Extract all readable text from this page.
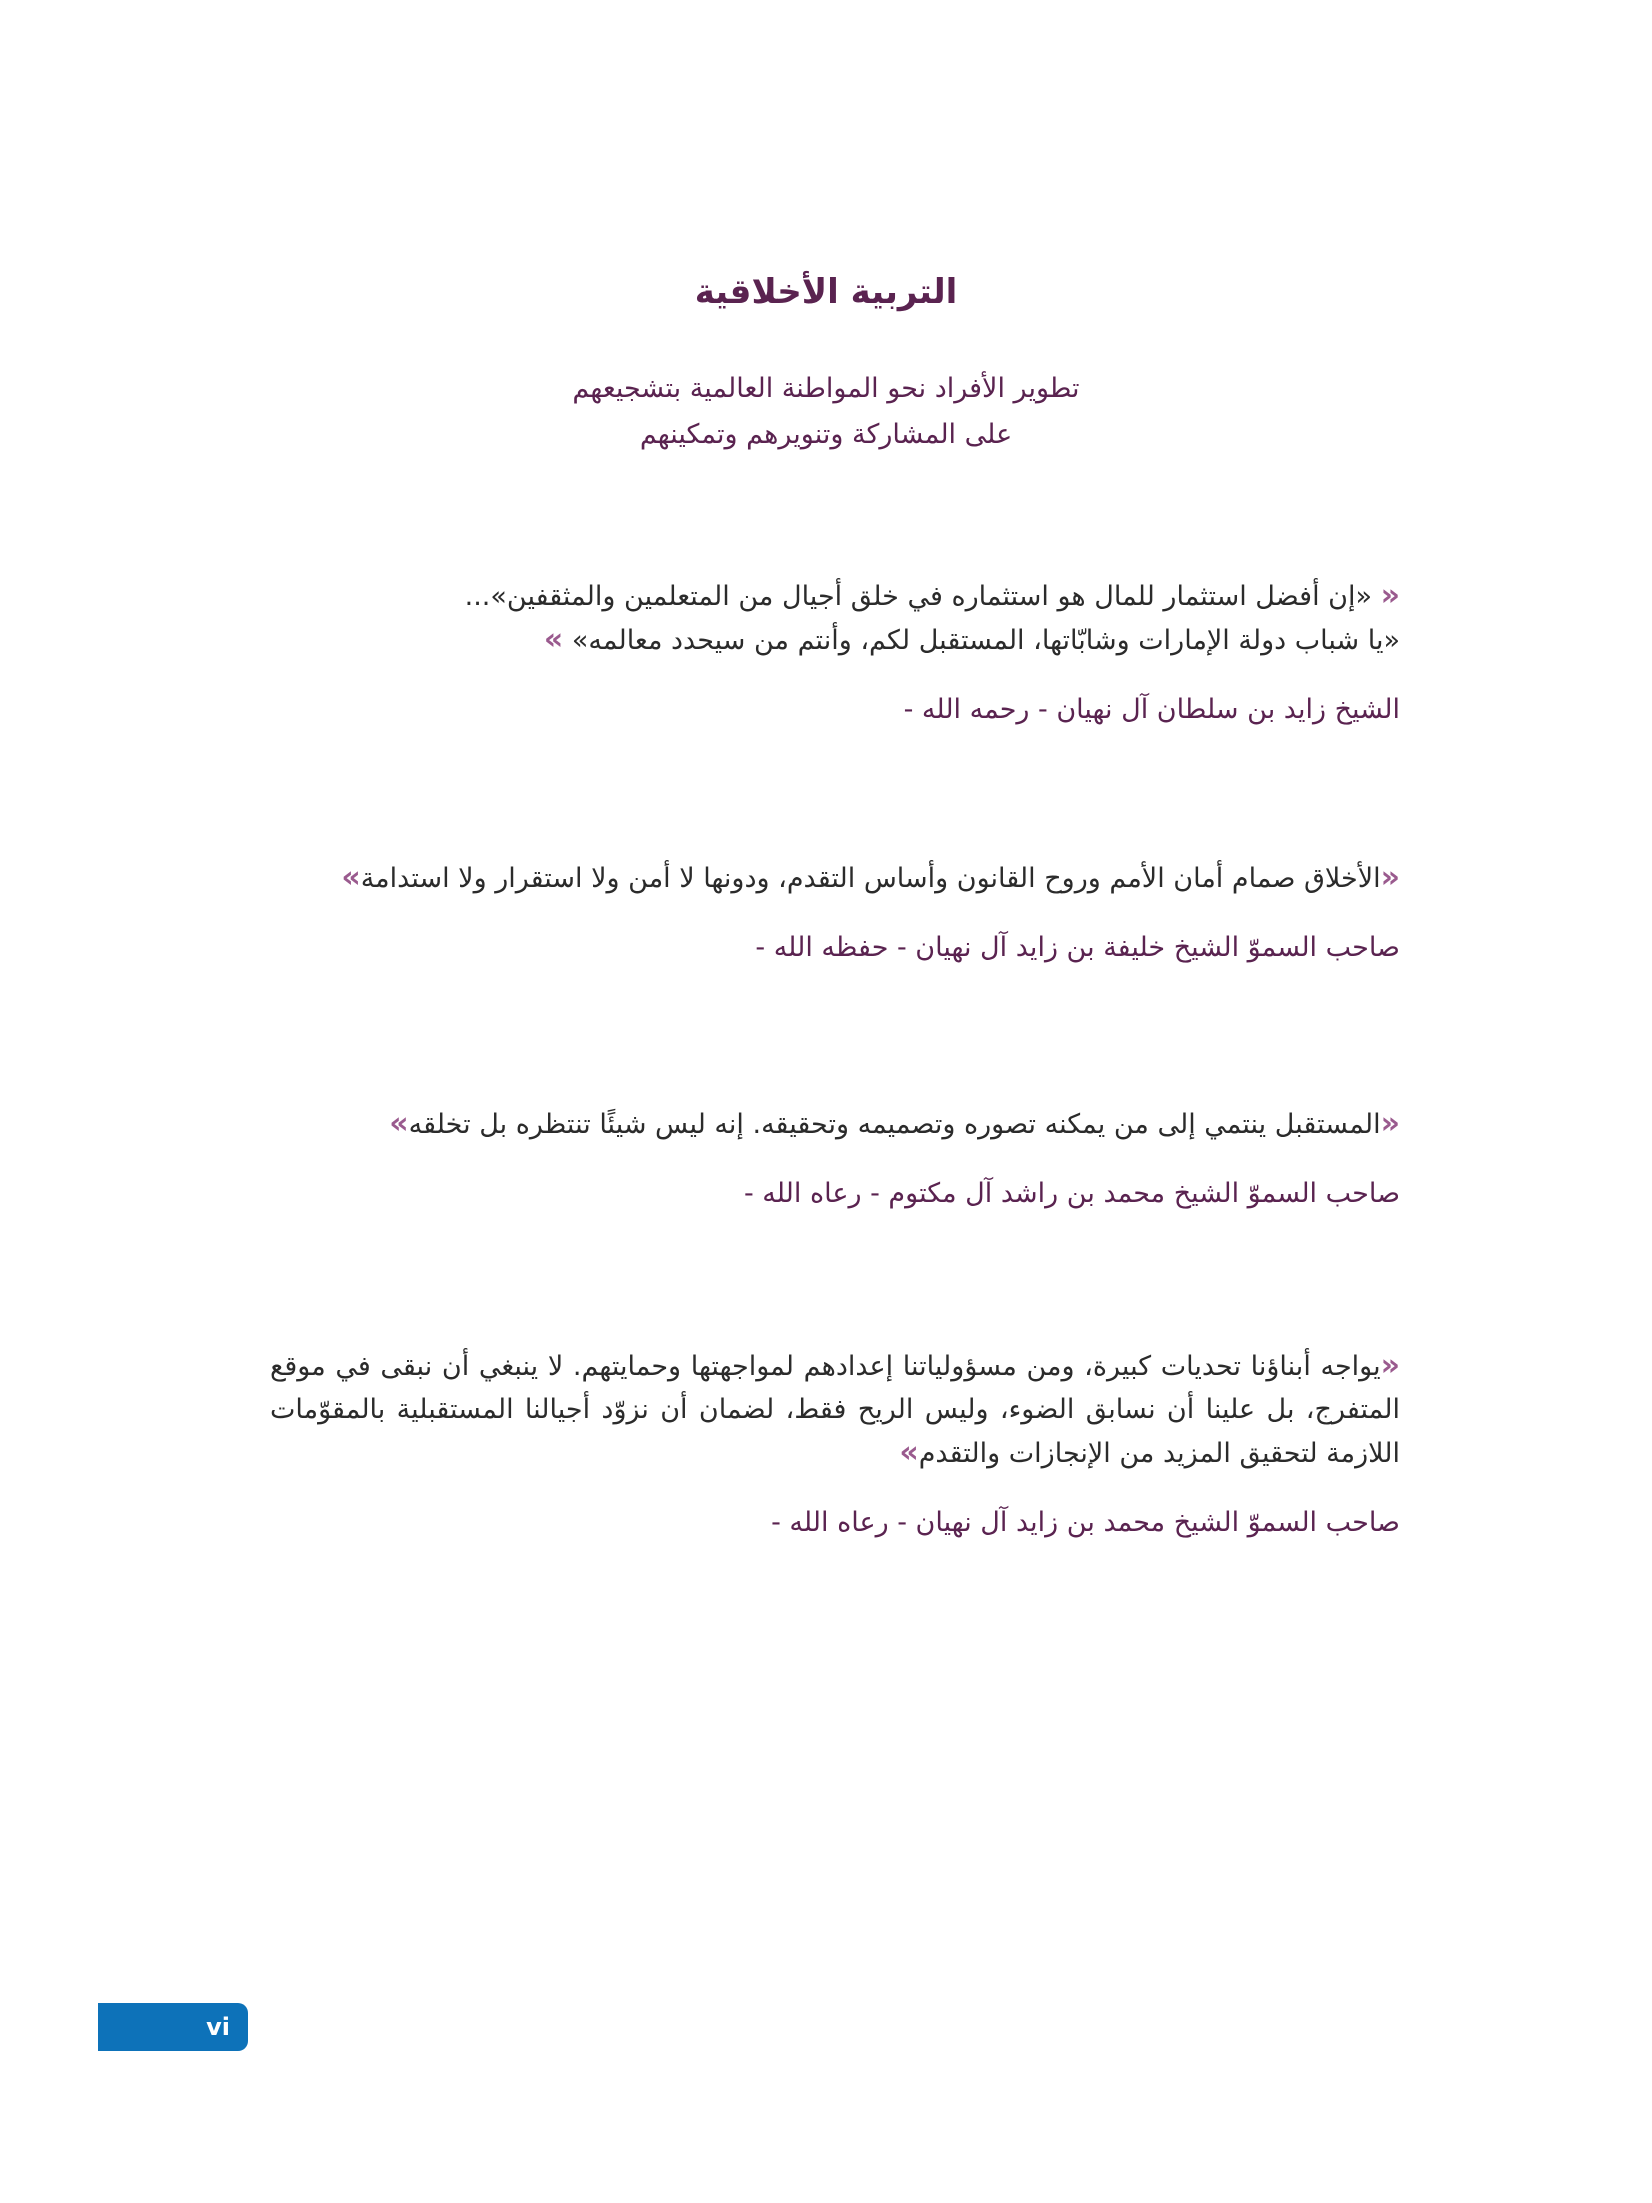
التربية الأخلاقية
تطوير الأفراد نحو المواطنة العالمية بتشجيعهم
على المشاركة وتنويرهم وتمكينهم
« «إن أفضل استثمار للمال هو استثماره في خلق أجيال من المتعلمين والمثقفين»...
«يا شباب دولة الإمارات وشابّاتها، المستقبل لكم، وأنتم من سيحدد معالمه» »
الشيخ زايد بن سلطان آل نهيان - رحمه الله -
«الأخلاق صمام أمان الأمم وروح القانون وأساس التقدم، ودونها لا أمن ولا استقرار ولا استدامة»
صاحب السموّ الشيخ خليفة بن زايد آل نهيان - حفظه الله -
«المستقبل ينتمي إلى من يمكنه تصوره وتصميمه وتحقيقه. إنه ليس شيئًا تنتظره بل تخلقه»
صاحب السموّ الشيخ محمد بن راشد آل مكتوم - رعاه الله -
«يواجه أبناؤنا تحديات كبيرة، ومن مسؤولياتنا إعدادهم لمواجهتها وحمايتهم. لا ينبغي أن نبقى في موقع المتفرج، بل علينا أن نسابق الضوء، وليس الريح فقط، لضمان أن نزوّد أجيالنا المستقبلية بالمقوّمات اللازمة لتحقيق المزيد من الإنجازات والتقدم»
صاحب السموّ الشيخ محمد بن زايد آل نهيان - رعاه الله -
vi
